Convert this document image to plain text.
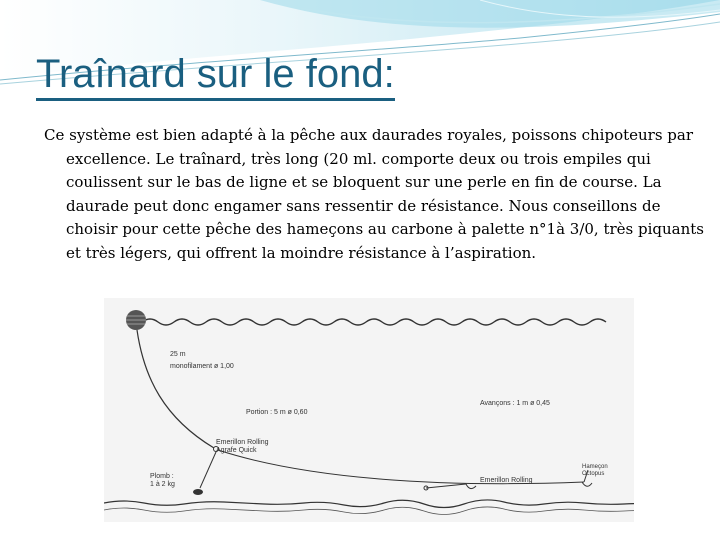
Traînard sur le fond:

Ce système est bien adapté à la pêche aux daurades royales, poissons chipoteurs par excellence. Le traînard, très long (20 ml. comporte deux ou trois empiles qui coulissent sur le bas de ligne et se bloquent sur une perle en fin de course. La daurade peut donc engamer sans ressentir de résistance. Nous conseillons de choisir pour cette pêche des hameçons au carbone à palette n°1à 3/0, très piquants et très légers, qui offrent la moindre résistance à l’aspiration.

25 m
monofilament ø 1,00
Portion : 5 m ø 0,60
Avançons : 1 m ø 0,45
Emerillon Rolling
Agrafe Quick
Plomb :
1 à 2 kg
Emerillon Rolling
Hameçon
Octopus
